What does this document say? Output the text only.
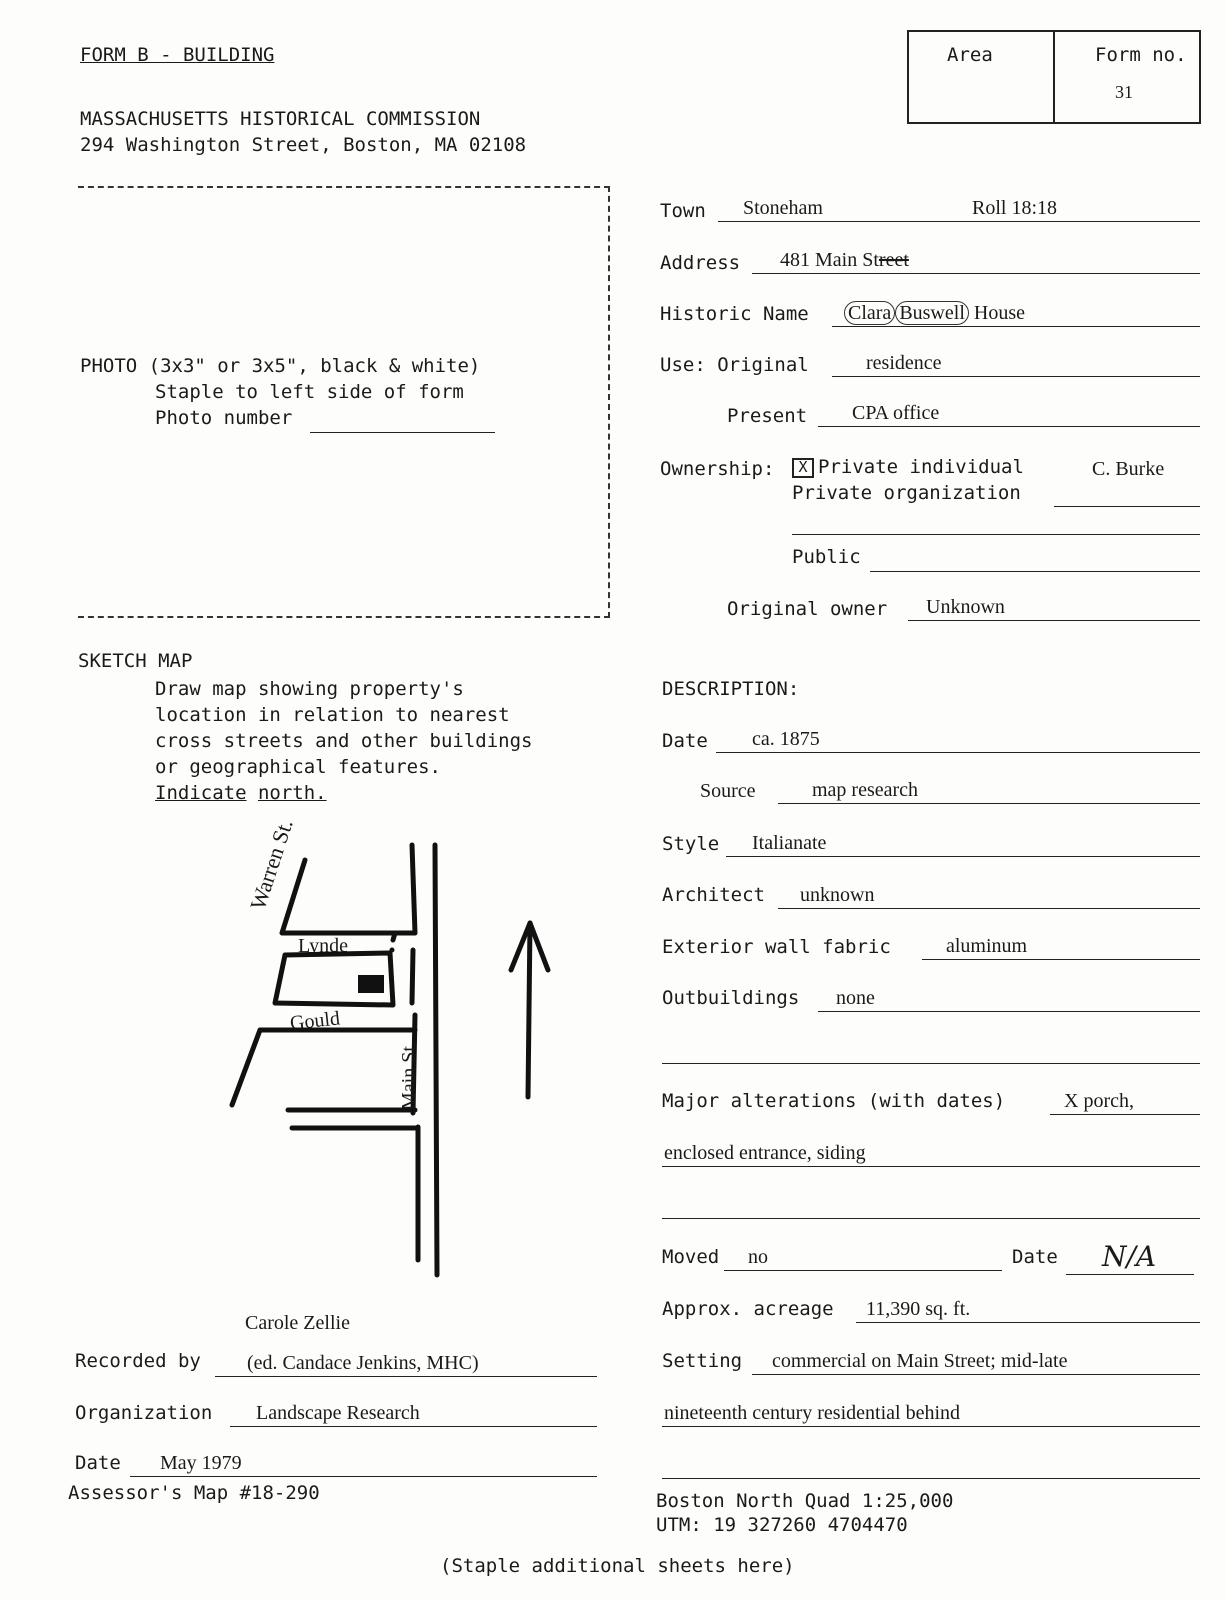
FORM B - BUILDING
MASSACHUSETTS HISTORICAL COMMISSION
294 Washington Street, Boston, MA 02108
Area	Form no.
31
PHOTO (3x3" or 3x5", black & white)
Staple to left side of form
Photo number
SKETCH MAP
Draw map showing property's
location in relation to nearest
cross streets and other buildings
or geographical features.
Indicate north.
Warren St.
Lynde
Gould
Main St.
Carole Zellie
Recorded by (ed. Candace Jenkins, MHC)
Organization Landscape Research
Date May 1979
Assessor's Map #18-290
Town Stoneham	Roll 18:18
Address 481 Main Street
Historic Name Clara Buswell House
Use: Original	residence
Present CPA office
Ownership:	X Private individual	C. Burke
Private organization
Public
Original owner Unknown
DESCRIPTION:
Date ca. 1875
Source	map research
Style Italianate
Architect unknown
Exterior wall fabric	aluminum
Outbuildings none
Major alterations (with dates)	X porch,
enclosed entrance, siding
Moved no	Date N/A
Approx. acreage 11,390 sq. ft.
Setting commercial on Main Street; mid-late
nineteenth century residential behind
Boston North Quad 1:25,000
UTM: 19 327260 4704470
(Staple additional sheets here)
